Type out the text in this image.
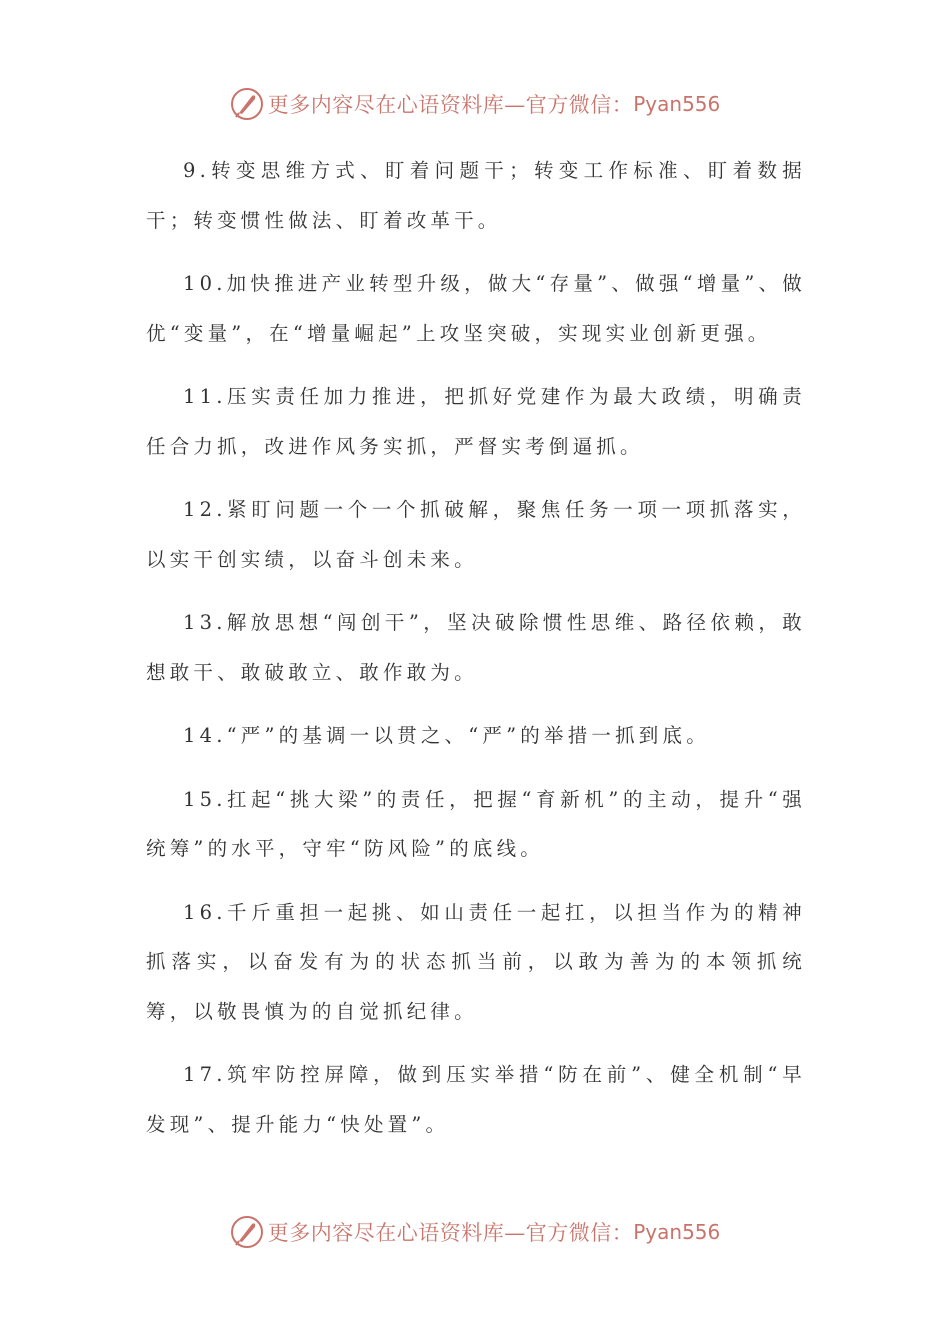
更多内容尽在心语资料库—官方微信： Pyan556

9.转变思维方式、盯着问题干；转变工作标准、盯着数据干；转变惯性做法、盯着改革干。

10.加快推进产业转型升级，做大“存量”、做强“增量”、做优“变量”，在“增量崛起”上攻坚突破，实现实业创新更强。

11.压实责任加力推进，把抓好党建作为最大政绩，明确责任合力抓，改进作风务实抓，严督实考倒逼抓。

12.紧盯问题一个一个抓破解，聚焦任务一项一项抓落实，以实干创实绩，以奋斗创未来。

13.解放思想“闯创干”，坚决破除惯性思维、路径依赖，敢想敢干、敢破敢立、敢作敢为。

14.“严”的基调一以贯之、“严”的举措一抓到底。

15.扛起“挑大梁”的责任，把握“育新机”的主动，提升“强统筹”的水平，守牢“防风险”的底线。

16.千斤重担一起挑、如山责任一起扛，以担当作为的精神抓落实，以奋发有为的状态抓当前，以敢为善为的本领抓统筹，以敬畏慎为的自觉抓纪律。

17.筑牢防控屏障，做到压实举措“防在前”、健全机制“早发现”、提升能力“快处置”。

更多内容尽在心语资料库—官方微信： Pyan556
